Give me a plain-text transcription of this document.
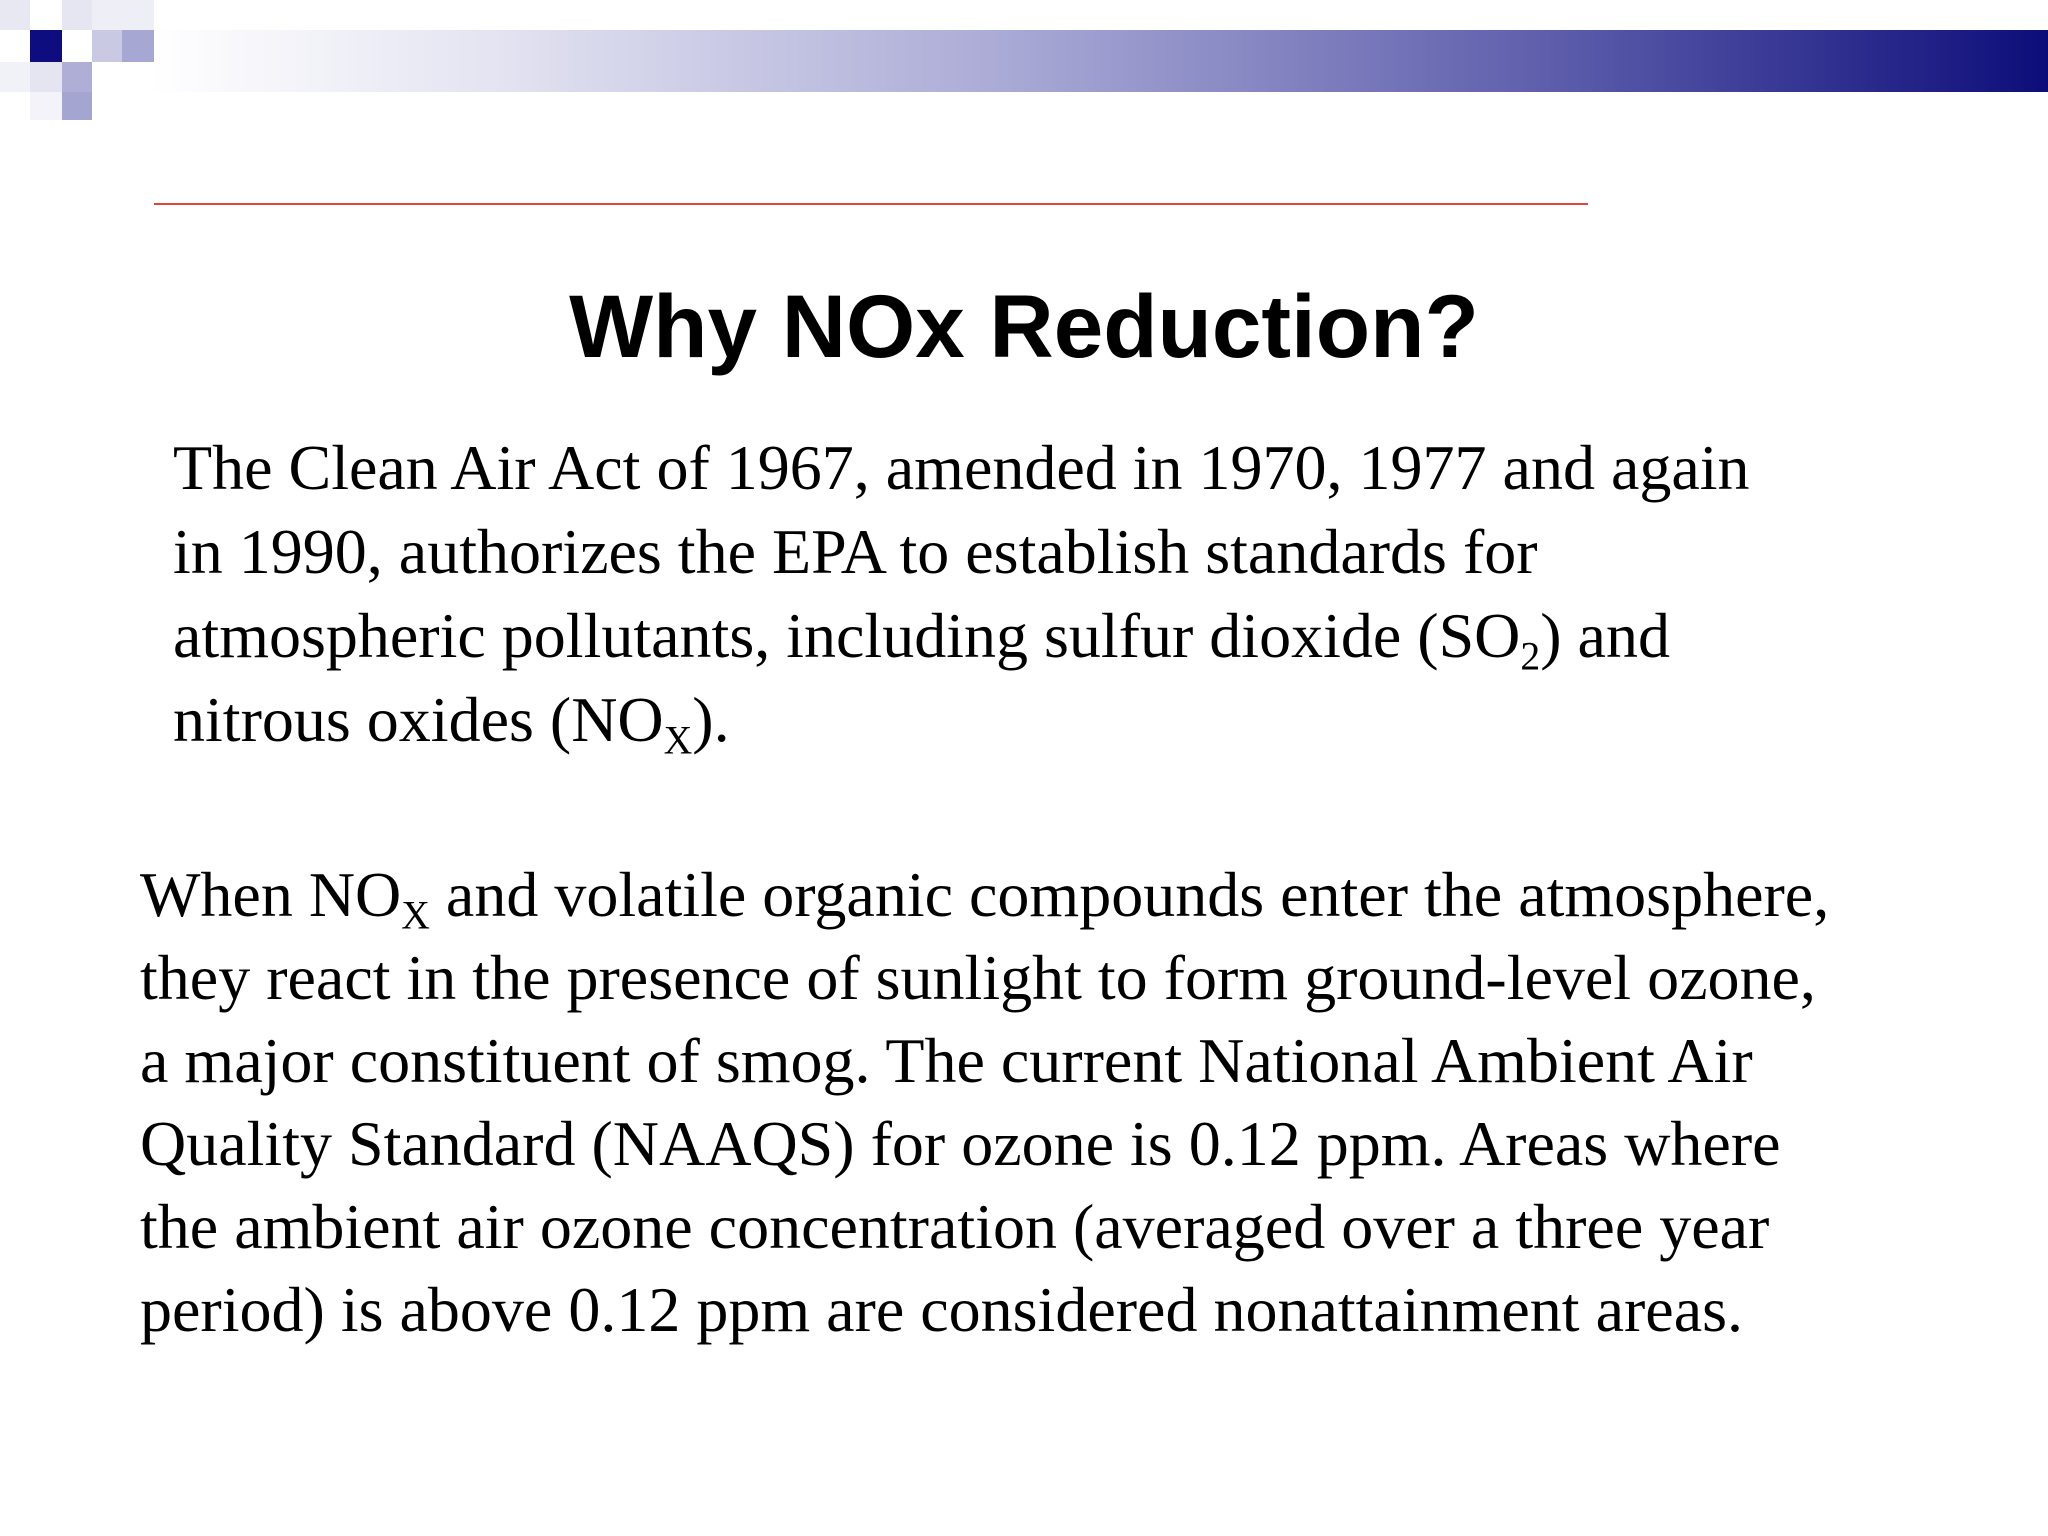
Why NOx Reduction?
The Clean Air Act of 1967, amended in 1970, 1977 and again
in 1990, authorizes the EPA to establish standards for
atmospheric pollutants, including sulfur dioxide $(SO_2)$ and
nitrous oxides $(NO_X)$.
When $NO_X$ and volatile organic compounds enter the atmosphere,
they react in the presence of sunlight to form ground-level ozone,
a major constituent of smog. The current National Ambient Air
Quality Standard (NAAQS) for ozone is 0.12 ppm. Areas where
the ambient air ozone concentration (averaged over a three year
period) is above 0.12 ppm are considered nonattainment areas.
